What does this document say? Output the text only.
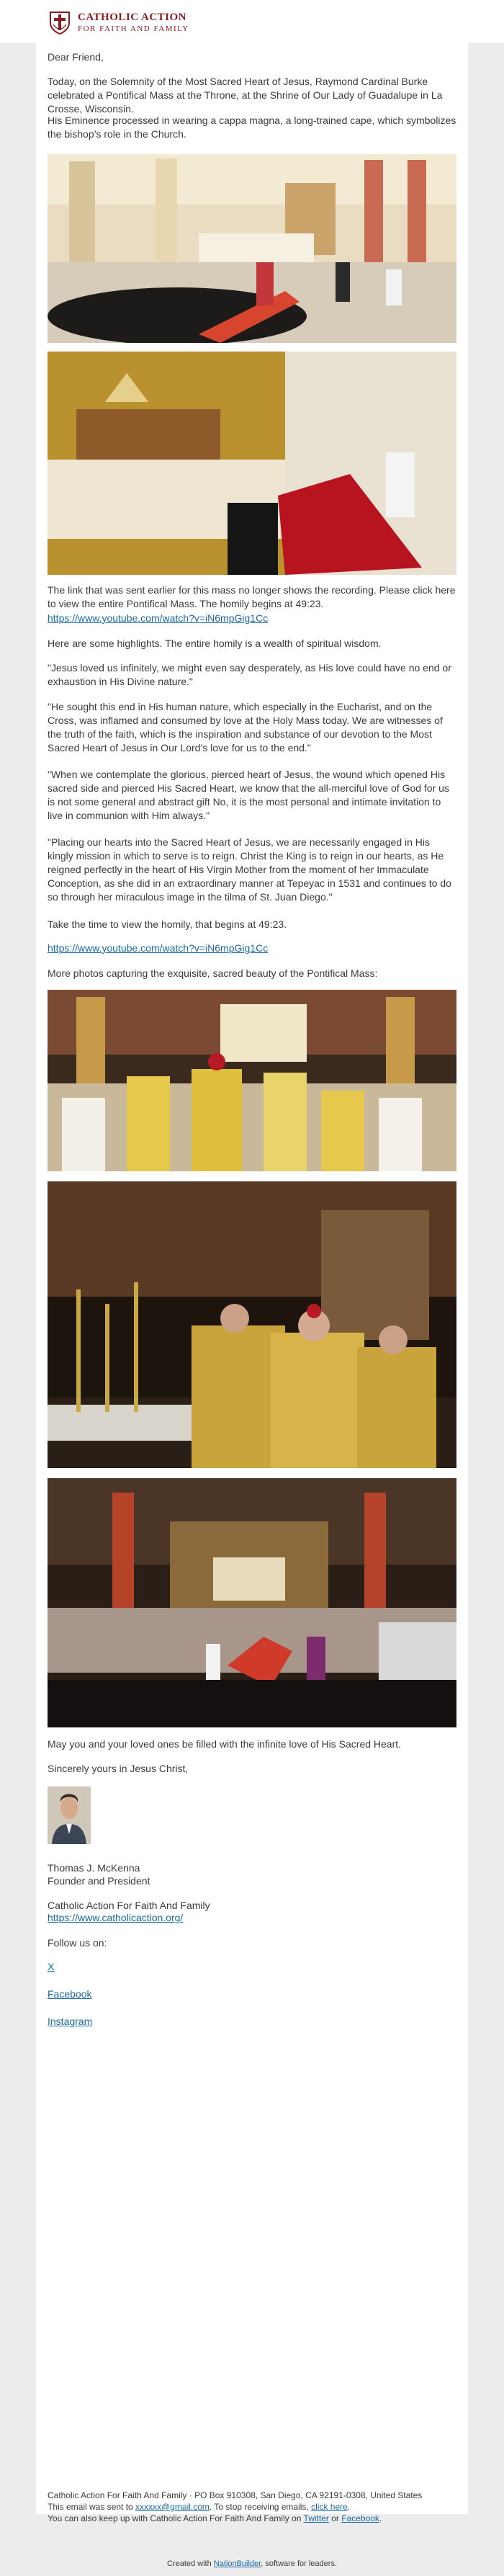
CATHOLIC ACTION
FOR FAITH AND FAMILY

Dear Friend,

Today, on the Solemnity of the Most Sacred Heart of Jesus, Raymond Cardinal Burke celebrated a Pontifical Mass at the Throne, at the Shrine of Our Lady of Guadalupe in La Crosse, Wisconsin.

His Eminence processed in wearing a cappa magna, a long-trained cape, which symbolizes the bishop’s role in the Church.

The link that was sent earlier for this mass no longer shows the recording. Please click here to view the entire Pontifical Mass. The homily begins at 49:23.

https://www.youtube.com/watch?v=iN6mpGig1Cc

Here are some highlights. The entire homily is a wealth of spiritual wisdom.

"Jesus loved us infinitely, we might even say desperately, as His love could have no end or exhaustion in His Divine nature."

"He sought this end in His human nature, which especially in the Eucharist, and on the Cross, was inflamed and consumed by love at the Holy Mass today. We are witnesses of the truth of the faith, which is the inspiration and substance of our devotion to the Most Sacred Heart of Jesus in Our Lord’s love for us to the end."

"When we contemplate the glorious, pierced heart of Jesus, the wound which opened His sacred side and pierced His Sacred Heart, we know that the all-merciful love of God for us is not some general and abstract gift No, it is the most personal and intimate invitation to live in communion with Him always."

"Placing our hearts into the Sacred Heart of Jesus, we are necessarily engaged in His kingly mission in which to serve is to reign. Christ the King is to reign in our hearts, as He reigned perfectly in the heart of His Virgin Mother from the moment of her Immaculate Conception, as she did in an extraordinary manner at Tepeyac in 1531 and continues to do so through her miraculous image in the tilma of St. Juan Diego."

Take the time to view the homily, that begins at 49:23.

https://www.youtube.com/watch?v=iN6mpGig1Cc

More photos capturing the exquisite, sacred beauty of the Pontifical Mass:

May you and your loved ones be filled with the infinite love of His Sacred Heart.

Sincerely yours in Jesus Christ,

Thomas J. McKenna

Founder and President

Catholic Action For Faith And Family

https://www.catholicaction.org/

Follow us on:

X
Facebook
Instagram
Catholic Action For Faith And Family · PO Box 910308, San Diego, CA 92191-0308, United States
This email was sent to xxxxxx@gmail.com. To stop receiving emails, click here.
You can also keep up with Catholic Action For Faith And Family on Twitter or Facebook.
Created with NationBuilder, software for leaders.
